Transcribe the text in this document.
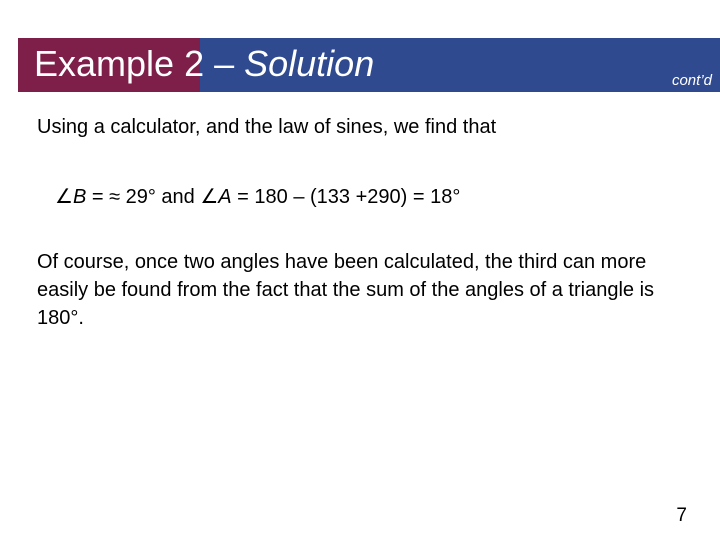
Example 2 – Solution	cont’d
Using a calculator, and the law of sines, we find that
∠B = ≈ 29° and ∠A = 180 – (133 +290) = 18°
Of course, once two angles have been calculated, the third can more easily be found from the fact that the sum of the angles of a triangle is 180°.
7
